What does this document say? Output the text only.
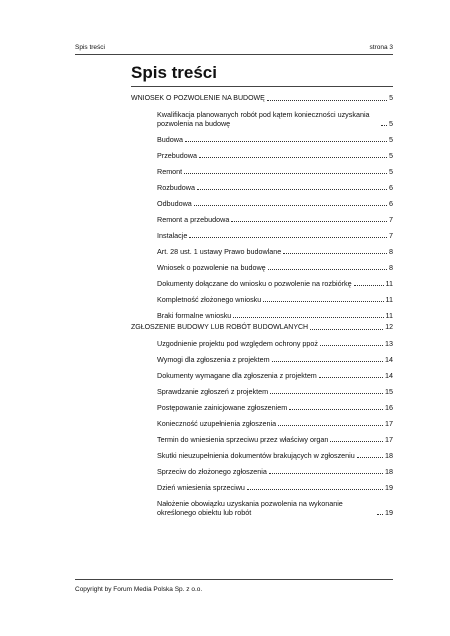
Spis treści	strona 3
Spis treści
WNIOSEK O POZWOLENIE NA BUDOWĘ	5
Kwalifikacja planowanych robót pod kątem konieczności uzyskania pozwolenia na budowę	5
Budowa	5
Przebudowa	5
Remont	5
Rozbudowa	6
Odbudowa	6
Remont a przebudowa	7
Instalacje	7
Art. 28 ust. 1 ustawy Prawo budowlane	8
Wniosek o pozwolenie na budowę	8
Dokumenty dołączane do wniosku o pozwolenie na rozbiórkę	11
Kompletność złożonego wniosku	11
Braki formalne wniosku	11
ZGŁOSZENIE BUDOWY LUB ROBÓT BUDOWLANYCH	12
Uzgodnienie projektu pod względem ochrony ppoż	13
Wymogi dla zgłoszenia z projektem	14
Dokumenty wymagane dla zgłoszenia z projektem	14
Sprawdzanie zgłoszeń z projektem	15
Postępowanie zainicjowane zgłoszeniem	16
Konieczność uzupełnienia zgłoszenia	17
Termin do wniesienia sprzeciwu przez właściwy organ	17
Skutki nieuzupełnienia dokumentów brakujących w zgłoszeniu	18
Sprzeciw do złożonego zgłoszenia	18
Dzień wniesienia sprzeciwu	19
Nałożenie obowiązku uzyskania pozwolenia na wykonanie określonego obiektu lub robót	19
Copyright by Forum Media Polska Sp. z o.o.
